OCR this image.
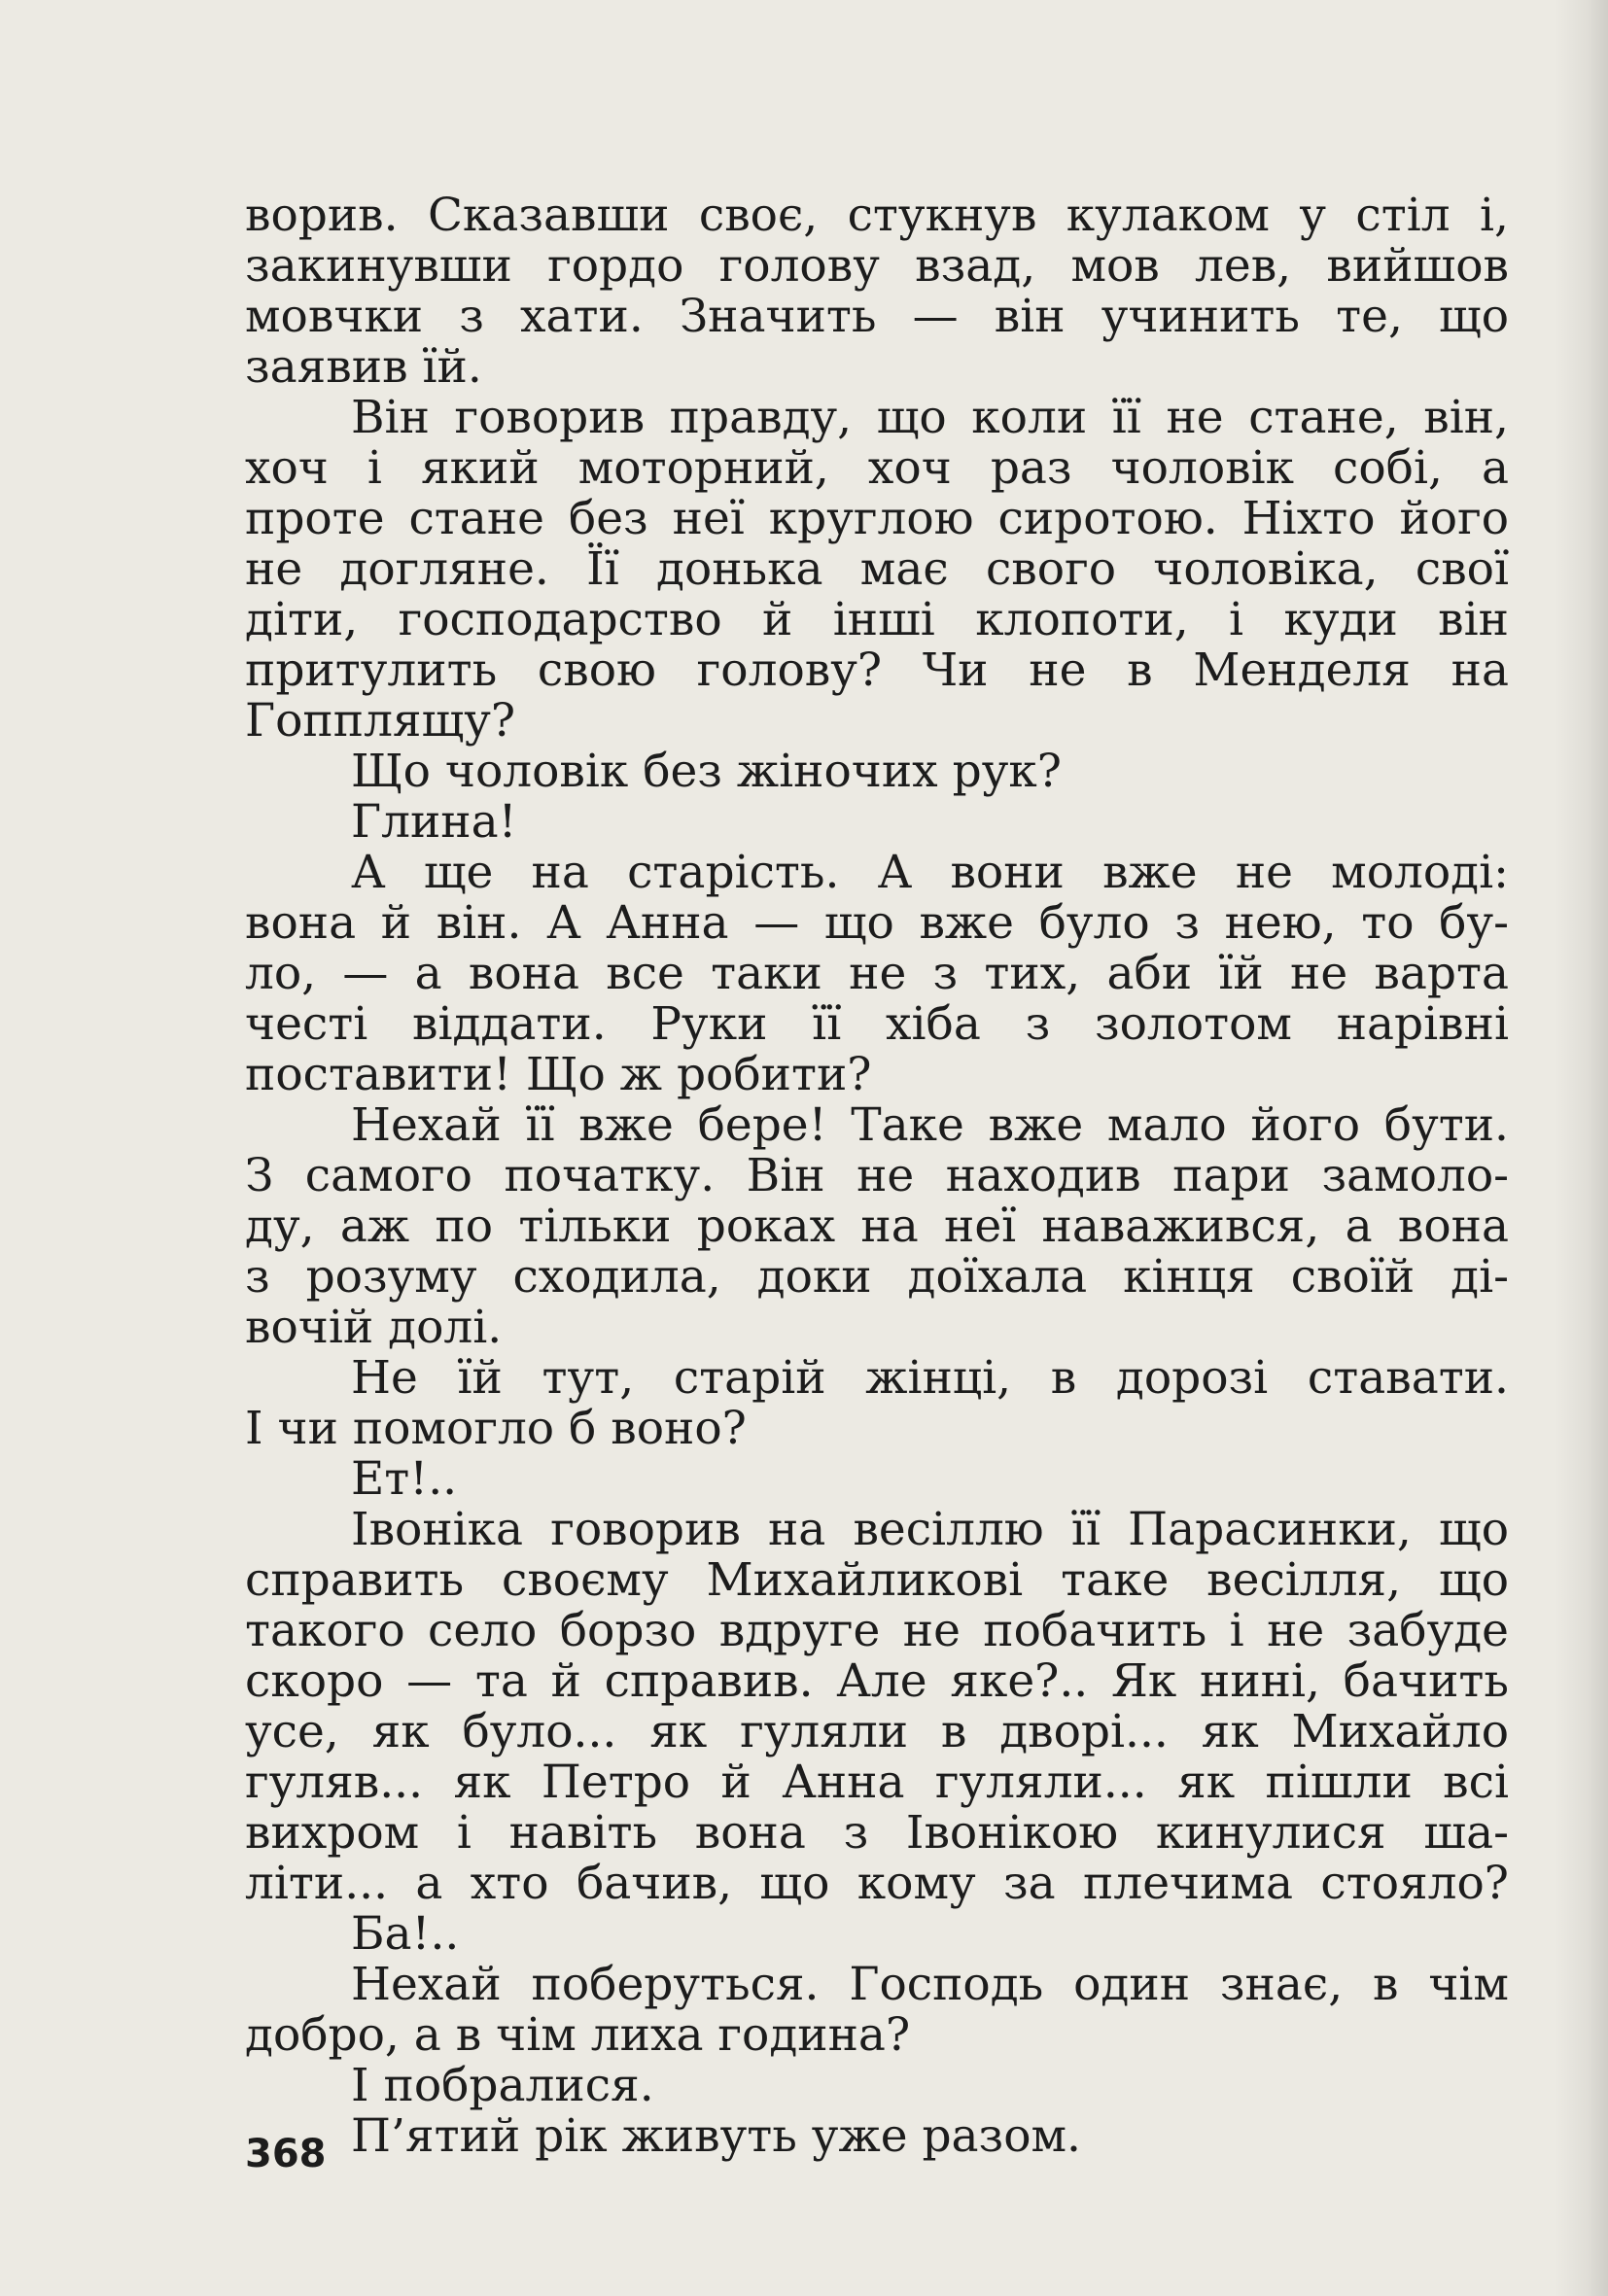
ворив. Сказавши своє, стукнув кулаком у стіл і,
закинувши гордо голову взад, мов лев, вийшов
мовчки з хати. Значить — він учинить те, що
заявив їй.
Він говорив правду, що коли її не стане, він,
хоч і який моторний, хоч раз чоловік собі, а
проте стане без неї круглою сиротою. Ніхто його
не догляне. Її донька має свого чоловіка, свої
діти, господарство й інші клопоти, і куди він
притулить свою голову? Чи не в Менделя на
Гопплящу?
Що чоловік без жіночих рук?
Глина!
А ще на старість. А вони вже не молоді:
вона й він. А Анна — що вже було з нею, то бу-
ло, — а вона все таки не з тих, аби їй не варта
честі віддати. Руки її хіба з золотом нарівні
поставити! Що ж робити?
Нехай її вже бере! Таке вже мало його бути.
З самого початку. Він не находив пари замоло-
ду, аж по тільки роках на неї наважився, а вона
з розуму сходила, доки доїхала кінця своїй ді-
вочій долі.
Не їй тут, старій жінці, в дорозі ставати.
І чи помогло б воно?
Ет!..
Івоніка говорив на весіллю її Парасинки, що
справить своєму Михайликові таке весілля, що
такого село борзо вдруге не побачить і не забуде
скоро — та й справив. Але яке?.. Як нині, бачить
усе, як було... як гуляли в дворі... як Михайло
гуляв... як Петро й Анна гуляли... як пішли всі
вихром і навіть вона з Івонікою кинулися ша-
літи... а хто бачив, що кому за плечима стояло?
Ба!..
Нехай поберуться. Господь один знає, в чім
добро, а в чім лиха година?
І побралися.
П’ятий рік живуть уже разом.
368
